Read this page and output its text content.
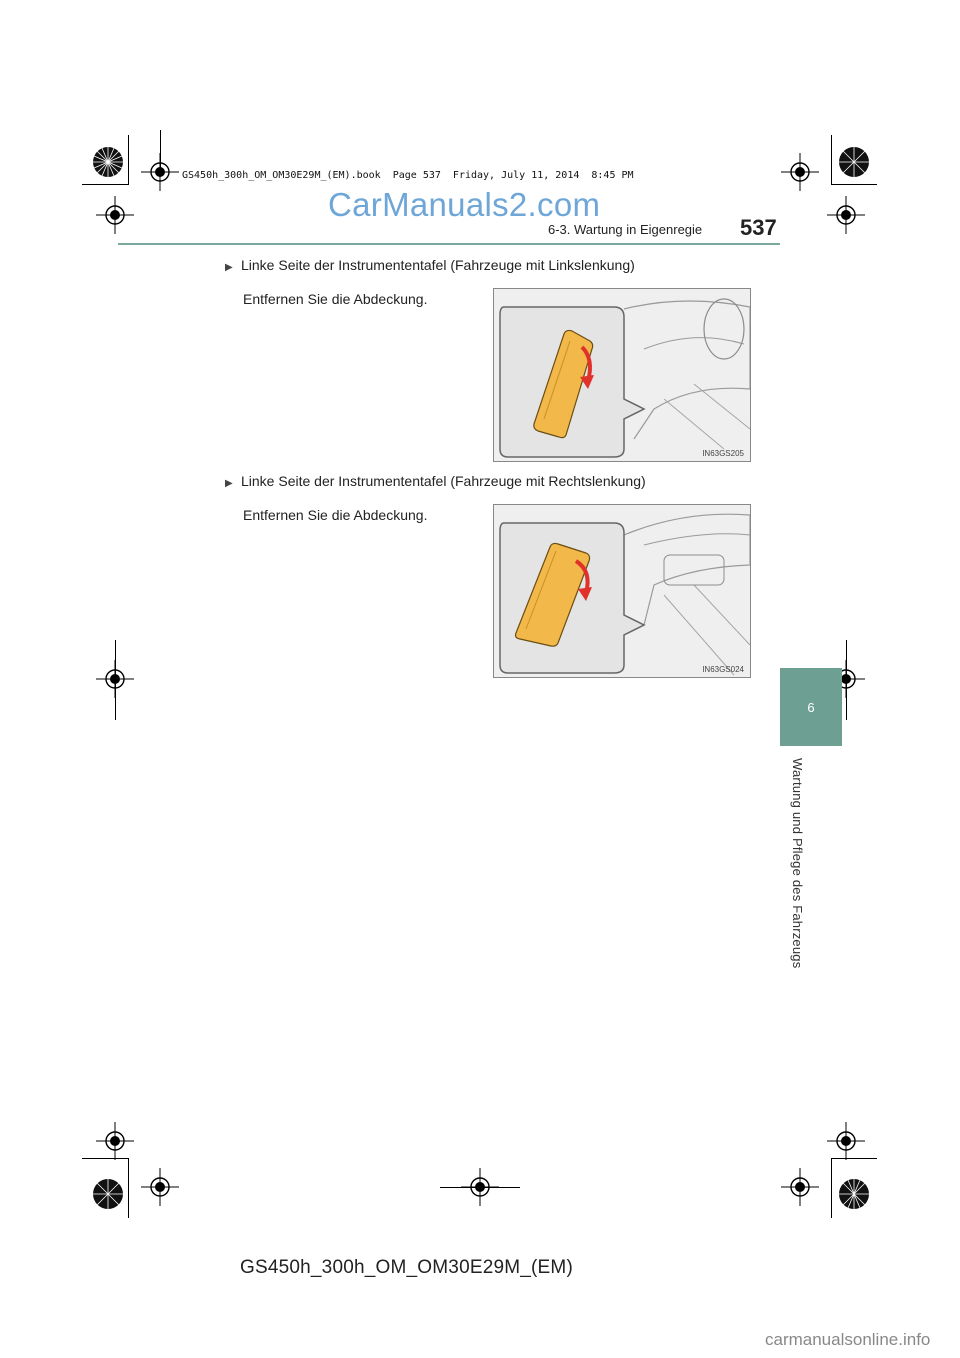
GS450h_300h_OM_OM30E29M_(EM).book  Page 537  Friday, July 11, 2014  8:45 PM
CarManuals2.com
6-3. Wartung in Eigenregie 537
6
Wartung und Pflege des Fahrzeugs
▶ Linke Seite der Instrumententafel (Fahrzeuge mit Linkslenkung)
Entfernen Sie die Abdeckung.
IN63GS205
▶ Linke Seite der Instrumententafel (Fahrzeuge mit Rechtslenkung)
Entfernen Sie die Abdeckung.
IN63GS024
GS450h_300h_OM_OM30E29M_(EM)
carmanualsonline.info
